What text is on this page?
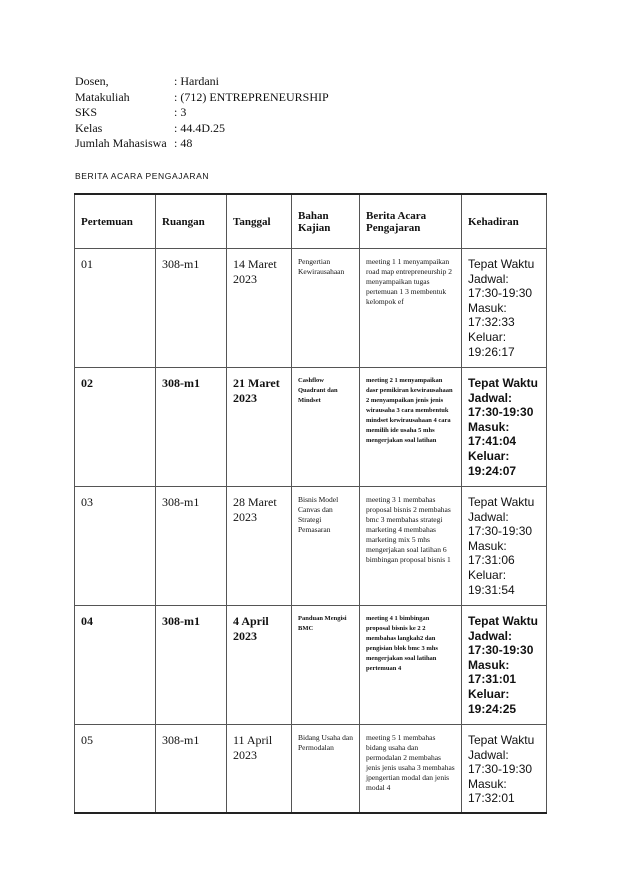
Dosen,	: Hardani
Matakuliah	: (712) ENTREPRENEURSHIP
SKS	: 3
Kelas	: 44.4D.25
Jumlah Mahasiswa : 48
BERITA ACARA PENGAJARAN
Pertemuan	Ruangan	Tanggal	Bahan Kajian	Berita Acara Pengajaran	Kehadiran
01	308-m1	14 Maret 2023	Pengertian Kewirausahaan	meeting 1 1 menyampaikan road map entrepreneurship 2 menyampaikan tugas pertemuan 1 3 membentuk kelompok ef	Tepat Waktu
Jadwal: 17:30-19:30
Masuk: 17:32:33
Keluar: 19:26:17

02	308-m1	21 Maret 2023	Cashflow Quadrant dan Mindset	meeting 2 1 menyampaikan dasr pemikiran kewirausahaan 2 menyampaikan jenis jenis wirausaha 3 cara membentuk mindset kewirausahaan 4 cara memilih ide usaha 5 mhs mengerjakan soal latihan	Tepat Waktu
Jadwal: 17:30-19:30
Masuk: 17:41:04
Keluar: 19:24:07

03	308-m1	28 Maret 2023	Bisnis Model Canvas dan Strategi Pemasaran	meeting 3 1 membahas proposal bisnis 2 membahas bmc 3 membahas strategi marketing 4 membahas marketing mix 5 mhs mengerjakan soal latihan 6 bimbingan proposal bisnis 1	Tepat Waktu
Jadwal: 17:30-19:30
Masuk: 17:31:06
Keluar: 19:31:54

04	308-m1	4 April 2023	Panduan Mengisi BMC	meeting 4 1 bimbingan proposal bisnis ke 2 2 membahas langkah2 dan pengisian blok bmc 3 mhs mengerjakan soal latihan pertemuan 4	Tepat Waktu
Jadwal: 17:30-19:30
Masuk: 17:31:01
Keluar: 19:24:25

05	308-m1	11 April 2023	Bidang Usaha dan Permodalan	meeting 5 1 membahas bidang usaha dan permodalan 2 membahas jenis jenis usaha 3 membahas jpengertian modal dan jenis modal 4	Tepat Waktu
Jadwal: 17:30-19:30
Masuk: 17:32:01
